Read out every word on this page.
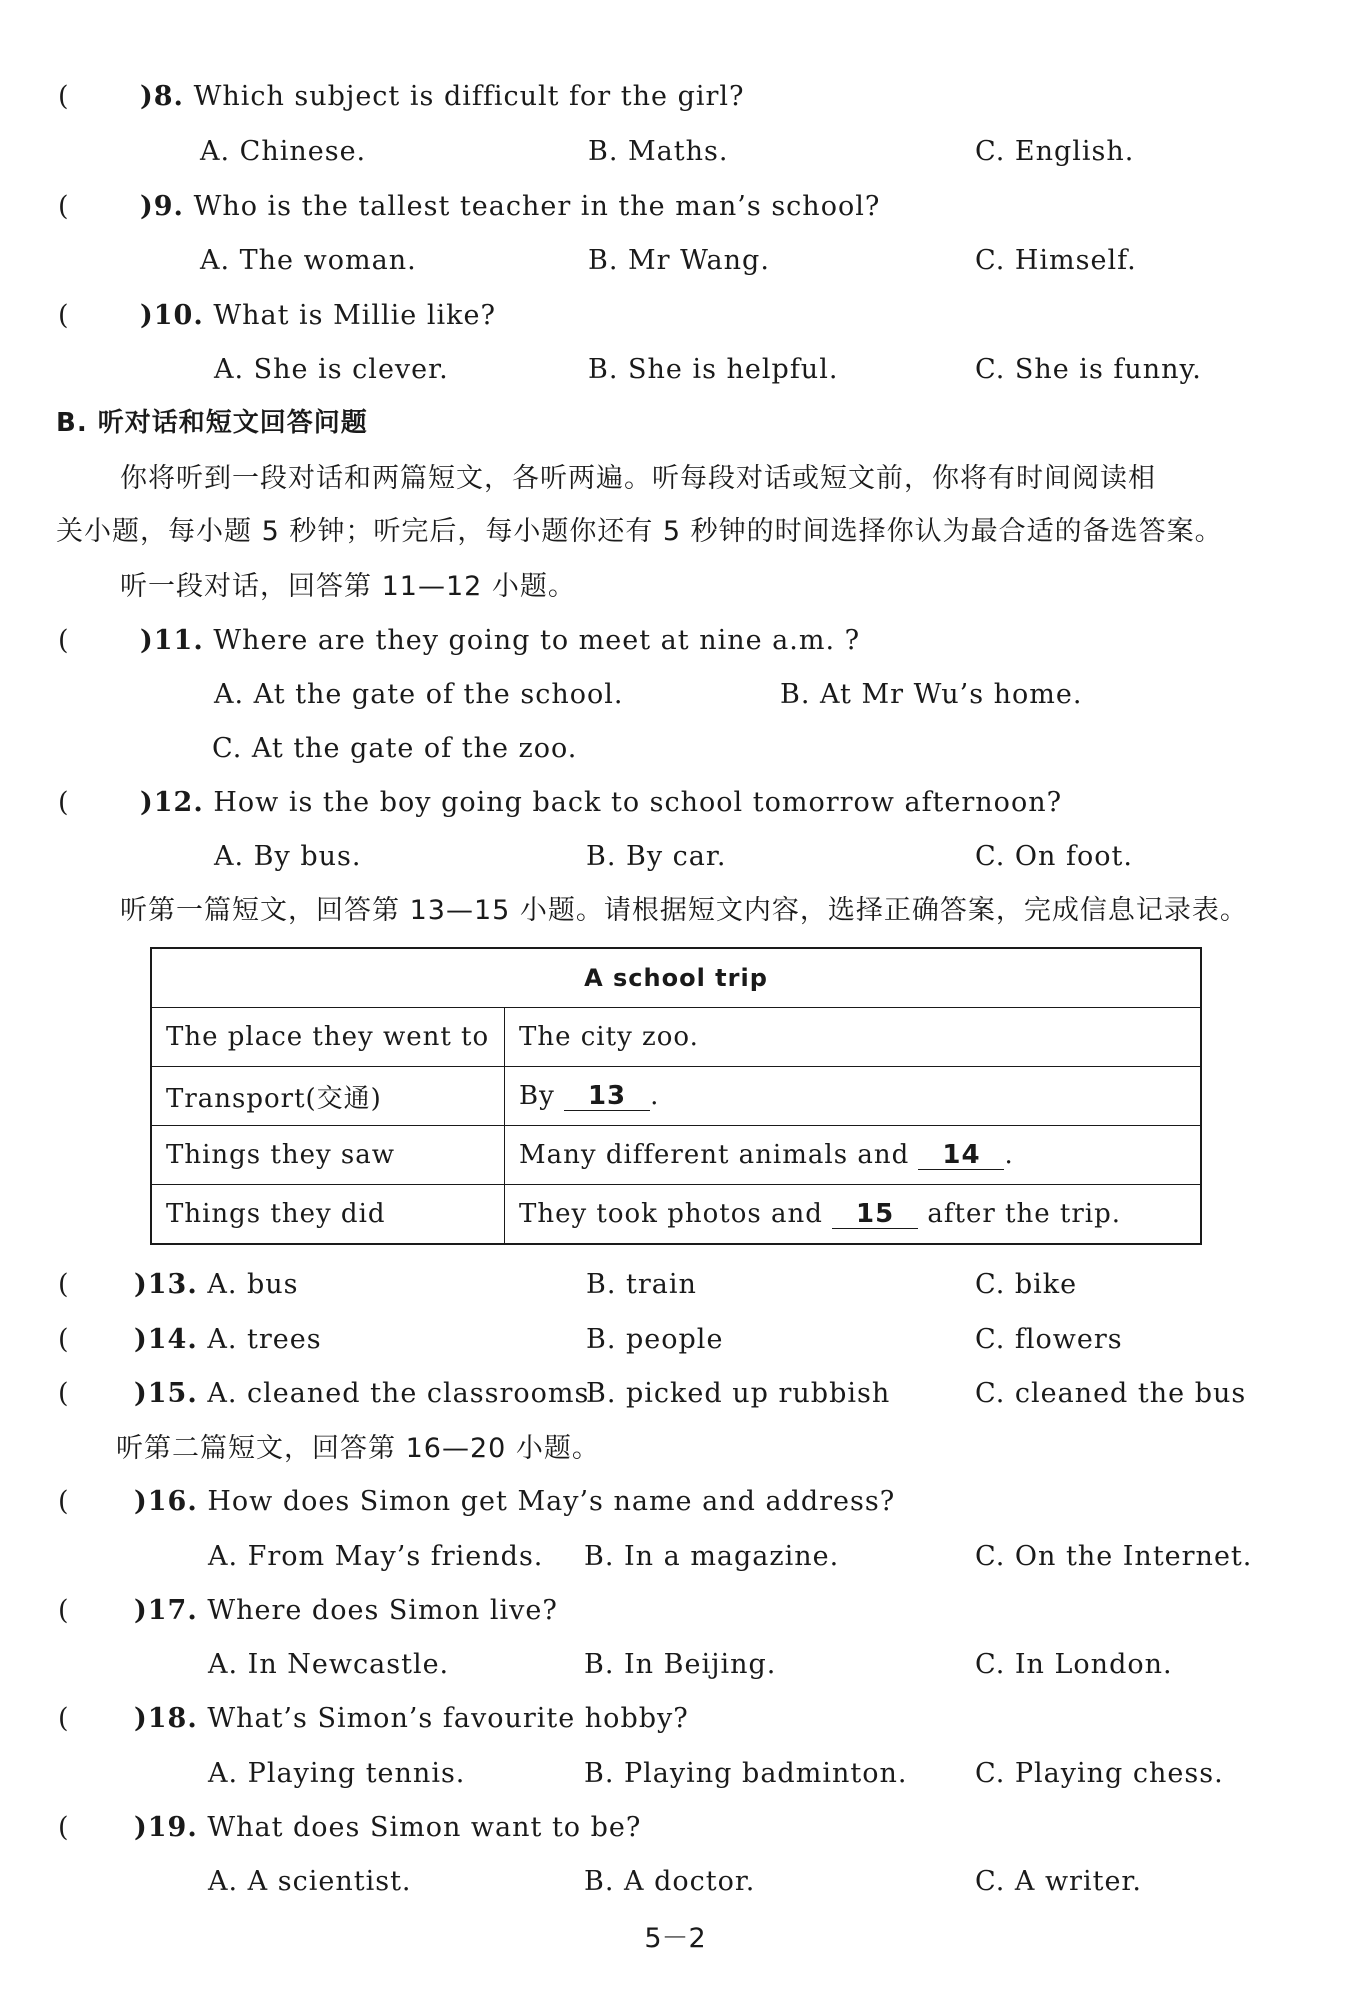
(	)8. Which subject is difficult for the girl?
A. Chinese.	B. Maths.	C. English.
(	)9. Who is the tallest teacher in the man’s school?
A. The woman.	B. Mr Wang.	C. Himself.
(	)10. What is Millie like?
A. She is clever.	B. She is helpful.	C. She is funny.
B. 听对话和短文回答问题
你将听到一段对话和两篇短文，各听两遍。听每段对话或短文前，你将有时间阅读相
关小题，每小题 5 秒钟；听完后，每小题你还有 5 秒钟的时间选择你认为最合适的备选答案。
听一段对话，回答第 11—12 小题。
(	)11. Where are they going to meet at nine a.m. ?
A. At the gate of the school.	B. At Mr Wu’s home.
C. At the gate of the zoo.
(	)12. How is the boy going back to school tomorrow afternoon?
A. By bus.	B. By car.	C. On foot.
听第一篇短文，回答第 13—15 小题。请根据短文内容，选择正确答案，完成信息记录表。
A school trip	
The place they went to	The city zoo.
Transport(交通)	By 13 .
Things they saw	Many different animals and 14 .
Things they did	They took photos and 15 after the trip.
( )13. A. bus	B. train	C. bike
( )14. A. trees	B. people	C. flowers
( )15. A. cleaned the classrooms
B. picked up rubbish	C. cleaned the bus
听第二篇短文，回答第 16—20 小题。
( )16. How does Simon get May’s name and address?
A. From May’s friends. B. In a magazine.	C. On the Internet.
( )17. Where does Simon live?
A. In Newcastle.	B. In Beijing.	C. In London.
( )18. What’s Simon’s favourite hobby?
A. Playing tennis.	B. Playing badminton.	C. Playing chess.
( )19. What does Simon want to be?
A. A scientist.	B. A doctor.	C. A writer.
5－2
